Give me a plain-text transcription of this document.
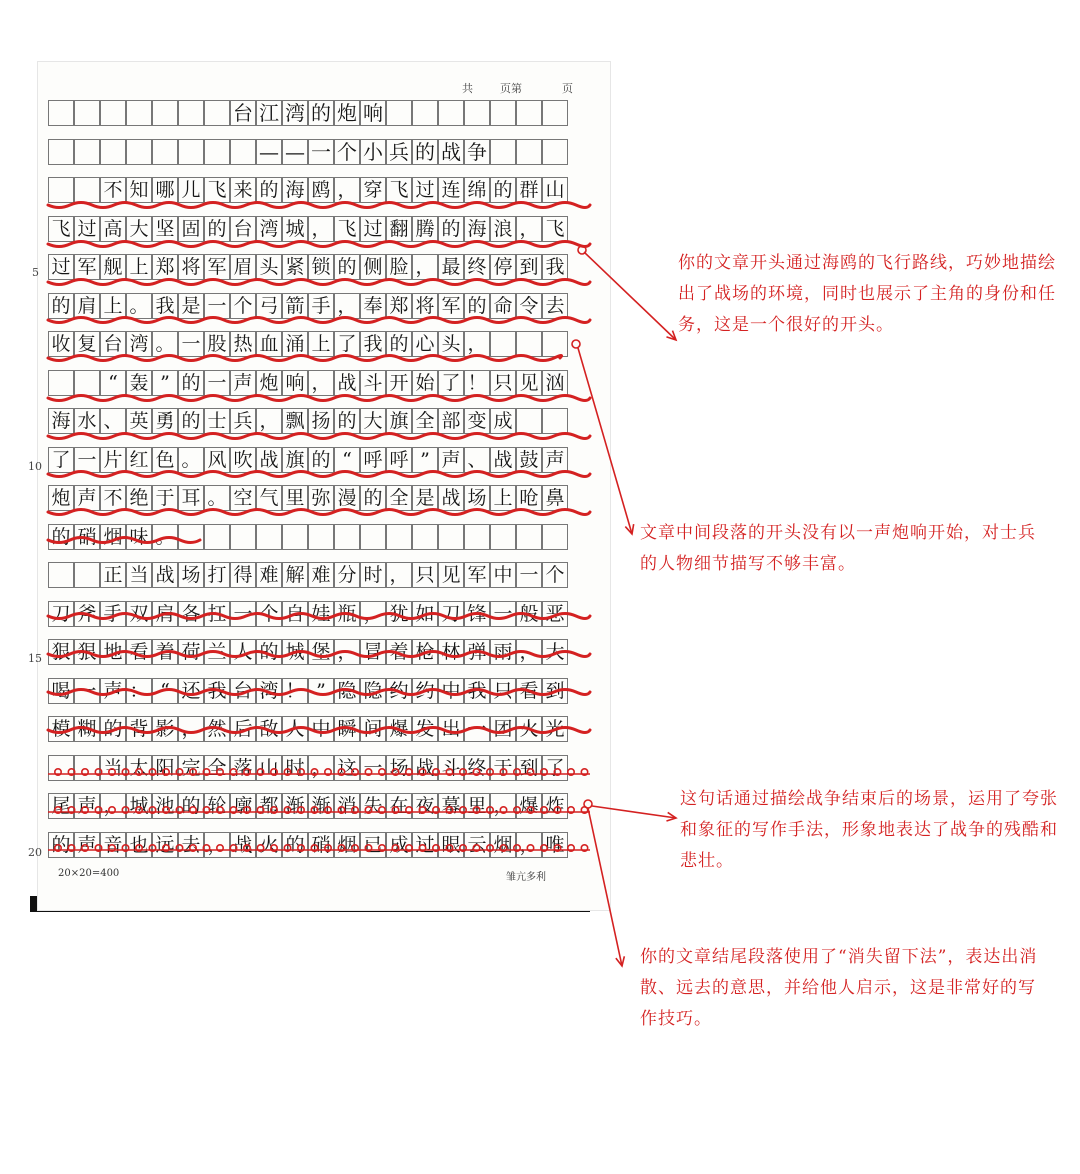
共 页第	页
5
10
15
20
台 江 湾 的 炮 响
— — 一 个 小 兵 的 战 争
不 知 哪 儿 飞 来 的 海 鸥 ， 穿 飞 过 连 绵 的 群 山
飞 过 高 大 坚 固 的 台 湾 城 ， 飞 过 翻 腾 的 海 浪 ， 飞
过 军 舰 上 郑 将 军 眉 头 紧 锁 的 侧 脸 ， 最 终 停 到 我
的 肩 上 。 我 是 一 个 弓 箭 手 ， 奉 郑 将 军 的 命 令 去
收 复 台 湾 。 一 股 热 血 涌 上 了 我 的 心 头 ，
“ 轰 ” 的 一 声 炮 响 ， 战 斗 开 始 了 ！ 只 见 汹
海 水 、 英 勇 的 士 兵 ， 飘 扬 的 大 旗 全 部 变 成
了 一 片 红 色 。 风 吹 战 旗 的 “ 呼 呼 ” 声 、 战 鼓 声
炮 声 不 绝 于 耳 。 空 气 里 弥 漫 的 全 是 战 场 上 呛 鼻
的 硝 烟 味 。
正 当 战 场 打 得 难 解 难 分 时 ， 只 见 军 中 一 个
刀 斧 手 双 肩 各 扛 一 个 自 娃 瓶 ， 犹 如 刀 锋 一 般 恶
狠 狠 地 看 着 荷 兰 人 的 城 堡 ， 冒 着 枪 林 弹 雨 ， 大
喝 一 声 ： “ 还 我 台 湾 ！ ” 隐 隐 约 约 中 我 只 看 到
模 糊 的 背 影 ， 然 后 敌 人 中 瞬 间 爆 发 出 一 团 火 光
当 太 阳 完 全 落 山 时 ， 这 一 场 战 斗 终 于 到 了
尾 声 ， 城 池 的 轮 廓 都 渐 渐 消 失 在 夜 幕 里 ， 爆 炸
的 声 音 也 远 去 ， 战 火 的 硝 烟 已 成 过 眼 云 烟 ， 唯
20×20=400	雏亢多利
你的文章开头通过海鸥的飞行路线，巧妙地描绘出了战场的环境，同时也展示了主角的身份和任务，这是一个很好的开头。
文章中间段落的开头没有以一声炮响开始，对士兵的人物细节描写不够丰富。
这句话通过描绘战争结束后的场景，运用了夸张和象征的写作手法，形象地表达了战争的残酷和悲壮。
你的文章结尾段落使用了“消失留下法”，表达出消散、远去的意思，并给他人启示，这是非常好的写作技巧。
